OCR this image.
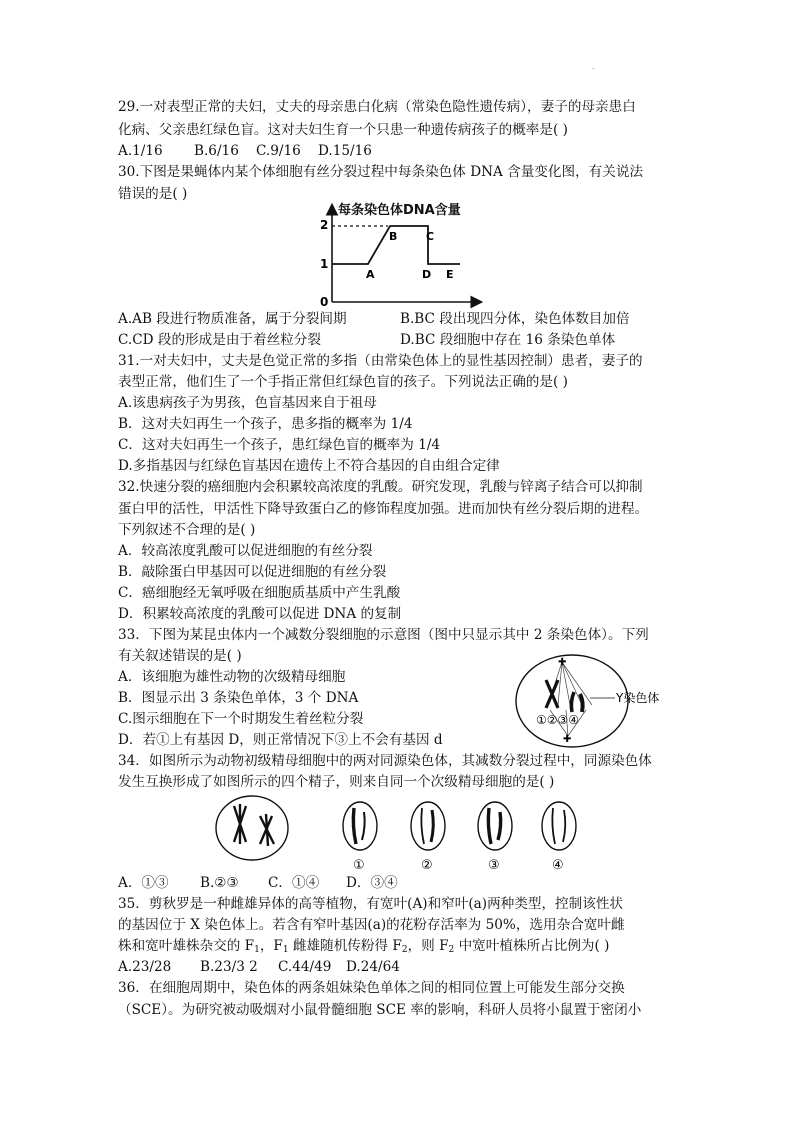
.
29.一对表型正常的夫妇，丈夫的母亲患白化病（常染色隐性遗传病），妻子的母亲患白
化病、父亲患红绿色盲。这对夫妇生育一个只患一种遗传病孩子的概率是( )
A.1/16 B.6/16 C.9/16 D.15/16
30.下图是果蝇体内某个体细胞有丝分裂过程中每条染色体 DNA 含量变化图，有关说法
错误的是( )
每条染色体DNA含量
2
1
0
A
B	C
D E
A.AB 段进行物质准备，属于分裂间期	B.BC 段出现四分体，染色体数目加倍
C.CD 段的形成是由于着丝粒分裂	D.BC 段细胞中存在 16 条染色单体
31.一对夫妇中，丈夫是色觉正常的多指（由常染色体上的显性基因控制）患者，妻子的
表型正常，他们生了一个手指正常但红绿色盲的孩子。下列说法正确的是( )
A.该患病孩子为男孩，色盲基因来自于祖母
B．这对夫妇再生一个孩子，患多指的概率为 1/4
C．这对夫妇再生一个孩子，患红绿色盲的概率为 1/4
D.多指基因与红绿色盲基因在遗传上不符合基因的自由组合定律
32.快速分裂的癌细胞内会积累较高浓度的乳酸。研究发现，乳酸与锌离子结合可以抑制
蛋白甲的活性，甲活性下降导致蛋白乙的修饰程度加强。进而加快有丝分裂后期的进程。
下列叙述不合理的是( )
A．较高浓度乳酸可以促进细胞的有丝分裂
B．敲除蛋白甲基因可以促进细胞的有丝分裂
C．癌细胞经无氧呼吸在细胞质基质中产生乳酸
D．积累较高浓度的乳酸可以促进 DNA 的复制
33．下图为某昆虫体内一个减数分裂细胞的示意图（图中只显示其中 2 条染色体）。下列
有关叙述错误的是( )
A．该细胞为雄性动物的次级精母细胞
B．图显示出 3 条染色单体，3 个 DNA
C.图示细胞在下一个时期发生着丝粒分裂
D．若①上有基因 D，则正常情况下③上不会有基因 d
✚
✚
Y染色体
①②③④
34．如图所示为动物初级精母细胞中的两对同源染色体，其减数分裂过程中，同源染色体
发生互换形成了如图所示的四个精子，则来自同一个次级精母细胞的是( )
①	②	③	④
A．①③ B.②③ C．①④ D．③④
35．剪秋罗是一种雌雄异体的高等植物，有宽叶(A)和窄叶(a)两种类型，控制该性状
的基因位于 X 染色体上。若含有窄叶基因(a)的花粉存活率为 50%，选用杂合宽叶雌
株和宽叶雄株杂交的 $F_1$，$F_1$ 雌雄随机传粉得 $F_2$，则 $F_2$ 中宽叶植株所占比例为( )
A.23/28 B.23/3 2 C.44/49 D.24/64
36．在细胞周期中，染色体的两条姐妹染色单体之间的相同位置上可能发生部分交换
（SCE）。为研究被动吸烟对小鼠骨髓细胞 SCE 率的影响，科研人员将小鼠置于密闭小
